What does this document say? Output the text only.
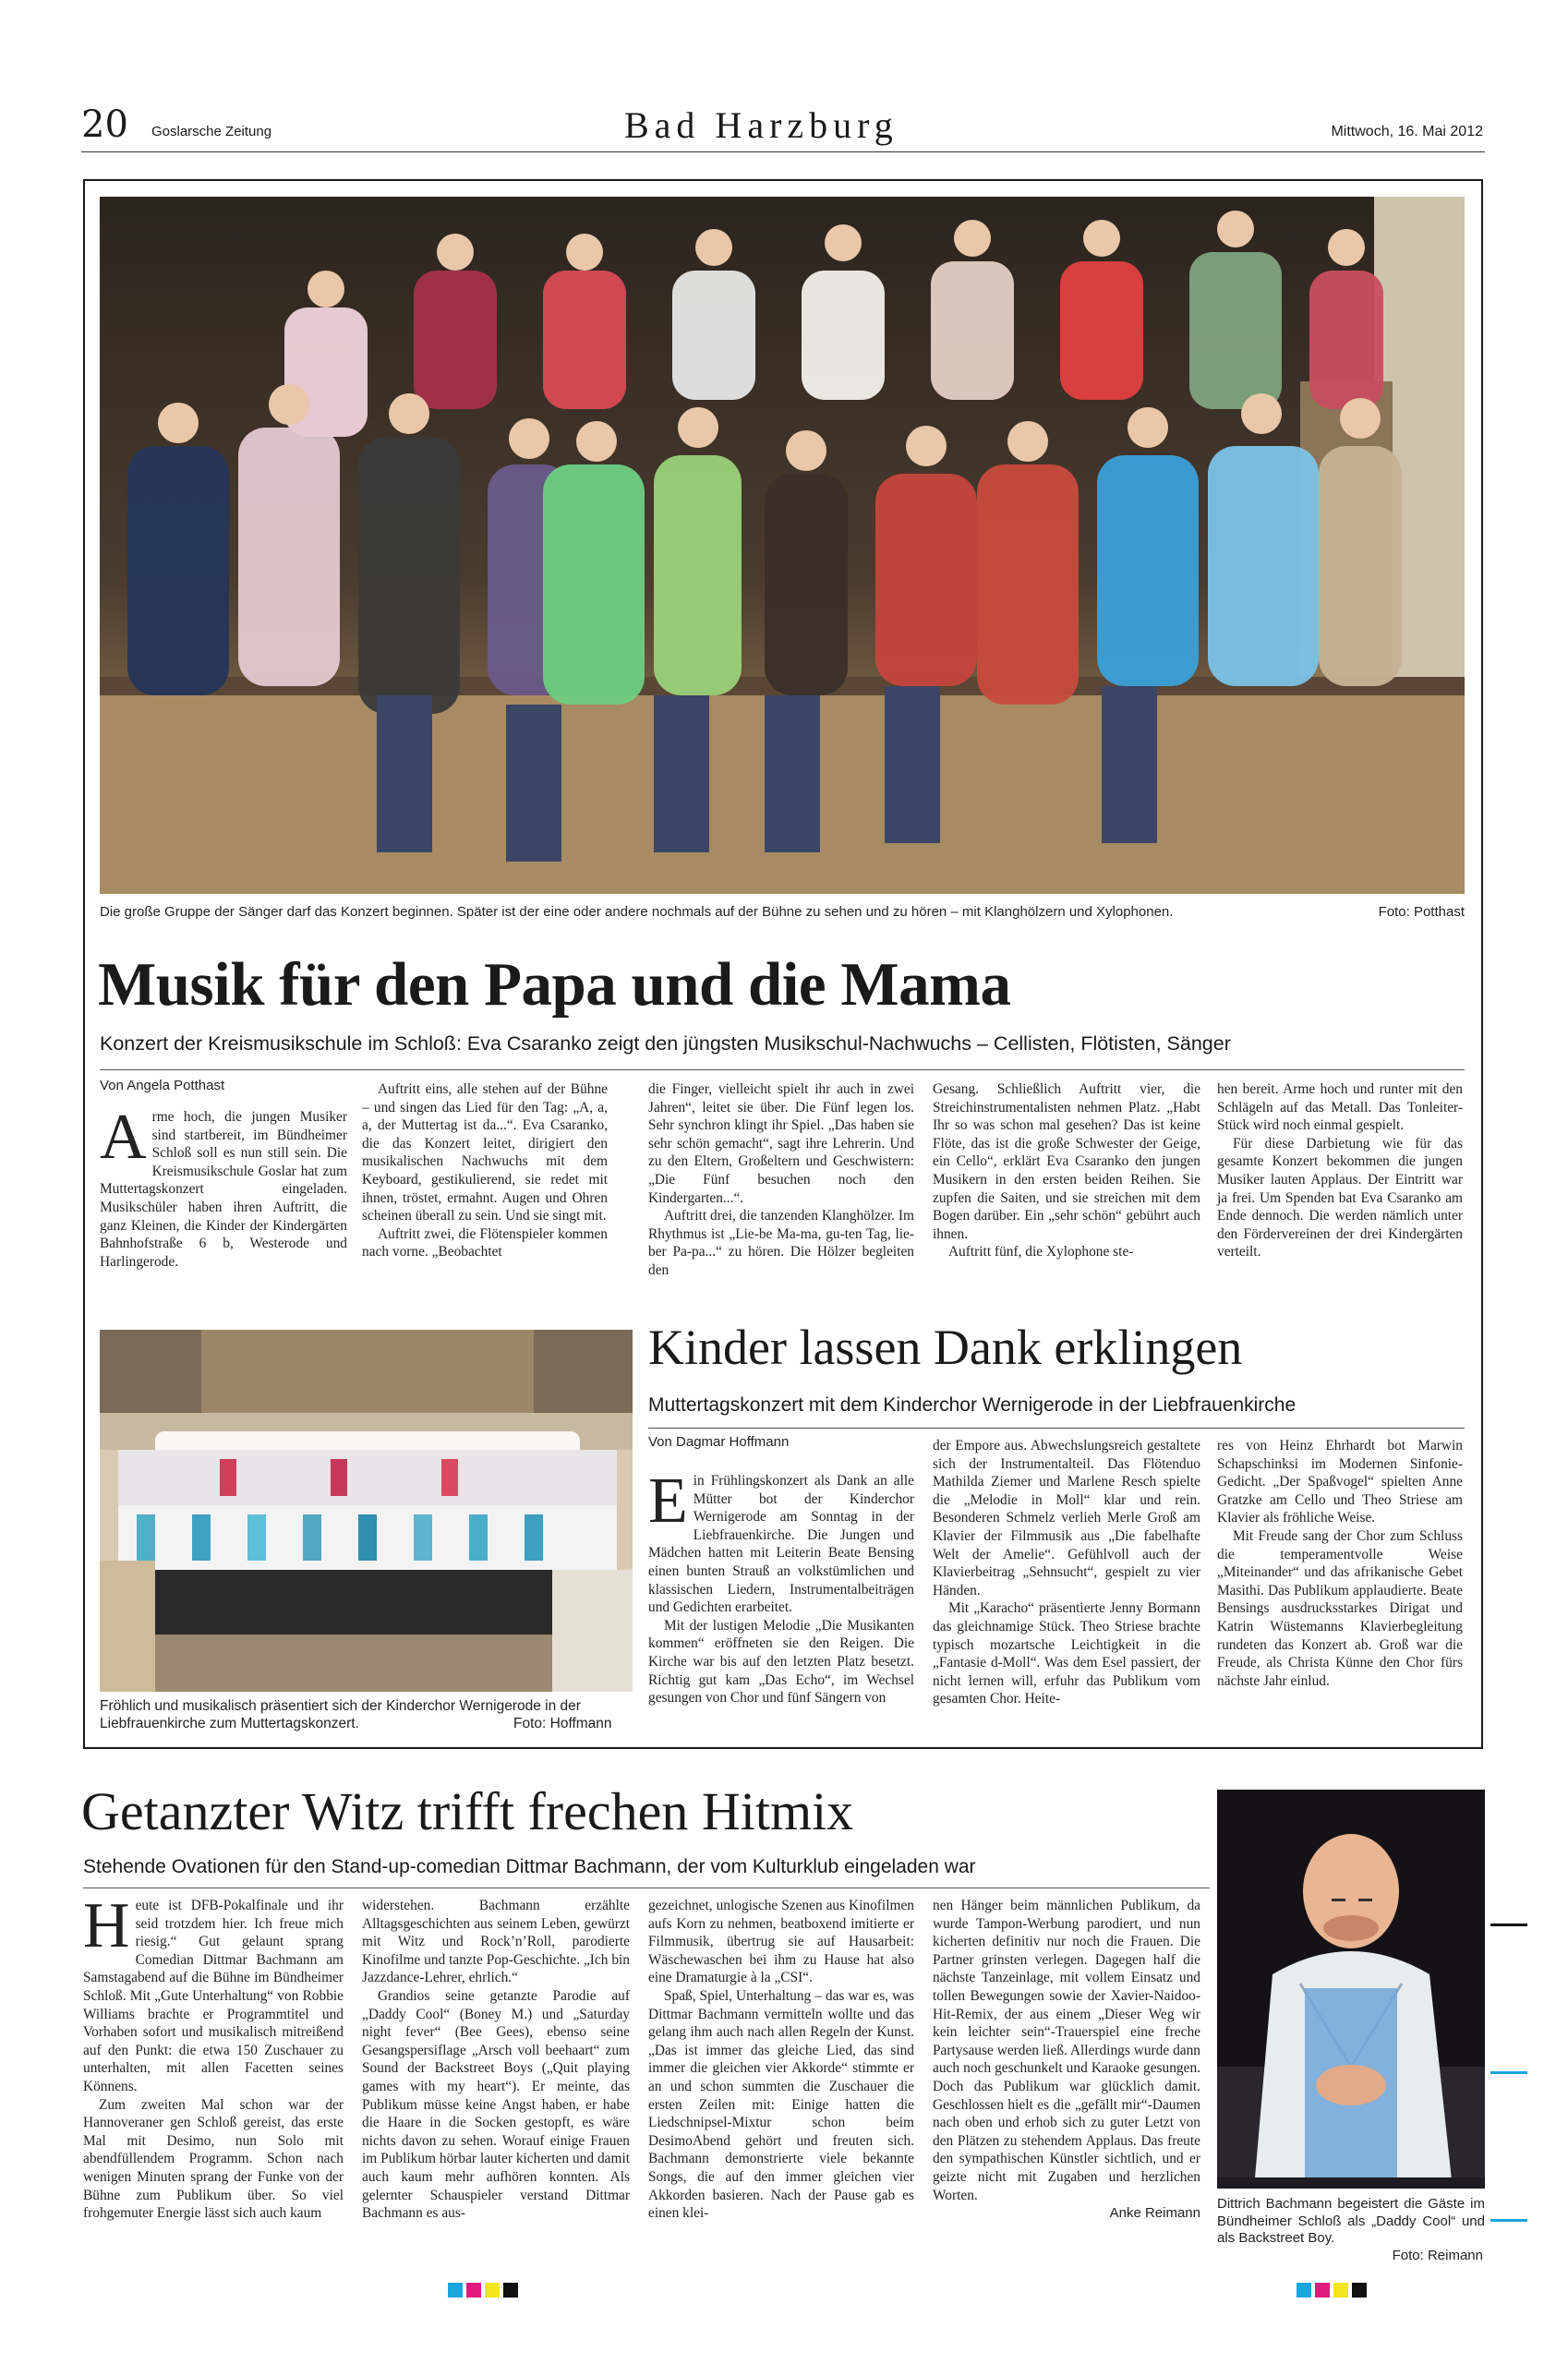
20 Goslarsche Zeitung	Bad Harzburg	Mittwoch, 16. Mai 2012
Die große Gruppe der Sänger darf das Konzert beginnen. Später ist der eine oder andere nochmals auf der Bühne zu sehen und zu hören – mit Klanghölzern und Xylophonen.	Foto: Potthast
Musik für den Papa und die Mama
Konzert der Kreismusikschule im Schloß: Eva Csaranko zeigt den jüngsten Musikschul-Nachwuchs – Cellisten, Flötisten, Sänger
Von Angela Potthast
A rme hoch, die jungen Musiker sind startbereit, im Bündheimer Schloß soll es nun still sein. Die Kreismusikschule Goslar hat zum Muttertagskonzert eingeladen. Musikschüler haben ihren Auftritt, die ganz Kleinen, die Kinder der Kindergärten Bahnhofstraße 6 b, Westerode und Harlingerode.

Auftritt eins, alle stehen auf der Bühne – und singen das Lied für den Tag: „A, a, a, der Muttertag ist da...“. Eva Csaranko, die das Konzert leitet, dirigiert den musikalischen Nachwuchs mit dem Keyboard, gestikulierend, sie redet mit ihnen, tröstet, ermahnt. Augen und Ohren scheinen überall zu sein. Und sie singt mit.

Auftritt zwei, die Flötenspieler kommen nach vorne. „Beobachtet

die Finger, vielleicht spielt ihr auch in zwei Jahren“, leitet sie über. Die Fünf legen los. Sehr synchron klingt ihr Spiel. „Das haben sie sehr schön gemacht“, sagt ihre Lehrerin. Und zu den Eltern, Großeltern und Geschwistern: „Die Fünf besuchen noch den Kindergarten...“.

Auftritt drei, die tanzenden Klanghölzer. Im Rhythmus ist „Lie-be Ma-ma, gu-ten Tag, lie-ber Pa-pa...“ zu hören. Die Hölzer begleiten den

Gesang. Schließlich Auftritt vier, die Streichinstrumentalisten nehmen Platz. „Habt Ihr so was schon mal gesehen? Das ist keine Flöte, das ist die große Schwester der Geige, ein Cello“, erklärt Eva Csaranko den jungen Musikern in den ersten beiden Reihen. Sie zupfen die Saiten, und sie streichen mit dem Bogen darüber. Ein „sehr schön“ gebührt auch ihnen.

Auftritt fünf, die Xylophone ste-

hen bereit. Arme hoch und runter mit den Schlägeln auf das Metall. Das Tonleiter-Stück wird noch einmal gespielt.

Für diese Darbietung wie für das gesamte Konzert bekommen die jungen Musiker lauten Applaus. Der Eintritt war ja frei. Um Spenden bat Eva Csaranko am Ende dennoch. Die werden nämlich unter den Fördervereinen der drei Kindergärten verteilt.

Fröhlich und musikalisch präsentiert sich der Kinderchor Wernigerode in der Liebfrauenkirche zum Muttertagskonzert.	Foto: Hoffmann
Kinder lassen Dank erklingen
Muttertagskonzert mit dem Kinderchor Wernigerode in der Liebfrauenkirche
Von Dagmar Hoffmann
E in Frühlingskonzert als Dank an alle Mütter bot der Kinderchor Wernigerode am Sonntag in der Liebfrauenkirche. Die Jungen und Mädchen hatten mit Leiterin Beate Bensing einen bunten Strauß an volkstümlichen und klassischen Liedern, Instrumentalbeiträgen und Gedichten erarbeitet.

Mit der lustigen Melodie „Die Musikanten kommen“ eröffneten sie den Reigen. Die Kirche war bis auf den letzten Platz besetzt. Richtig gut kam „Das Echo“, im Wechsel gesungen von Chor und fünf Sängern von

der Empore aus. Abwechslungsreich gestaltete sich der Instrumentalteil. Das Flötenduo Mathilda Ziemer und Marlene Resch spielte die „Melodie in Moll“ klar und rein. Besonderen Schmelz verlieh Merle Groß am Klavier der Filmmusik aus „Die fabelhafte Welt der Amelie“. Gefühlvoll auch der Klavierbeitrag „Sehnsucht“, gespielt zu vier Händen.

Mit „Karacho“ präsentierte Jenny Bormann das gleichnamige Stück. Theo Striese brachte typisch mozartsche Leichtigkeit in die „Fantasie d-Moll“. Was dem Esel passiert, der nicht lernen will, erfuhr das Publikum vom gesamten Chor. Heite-

res von Heinz Ehrhardt bot Marwin Schapschinksi im Modernen Sinfonie-Gedicht. „Der Spaßvogel“ spielten Anne Gratzke am Cello und Theo Striese am Klavier als fröhliche Weise.

Mit Freude sang der Chor zum Schluss die temperamentvolle Weise „Miteinander“ und das afrikanische Gebet Masithi. Das Publikum applaudierte. Beate Bensings ausdrucksstarkes Dirigat und Katrin Wüstemanns Klavierbegleitung rundeten das Konzert ab. Groß war die Freude, als Christa Künne den Chor fürs nächste Jahr einlud.

Getanzter Witz trifft frechen Hitmix
Stehende Ovationen für den Stand-up-comedian Dittmar Bachmann, der vom Kulturklub eingeladen war
H eute ist DFB-Pokalfinale und ihr seid trotzdem hier. Ich freue mich riesig.“ Gut gelaunt sprang Comedian Dittmar Bachmann am Samstagabend auf die Bühne im Bündheimer Schloß. Mit „Gute Unterhaltung“ von Robbie Williams brachte er Programmtitel und Vorhaben sofort und musikalisch mitreißend auf den Punkt: die etwa 150 Zuschauer zu unterhalten, mit allen Facetten seines Könnens.

Zum zweiten Mal schon war der Hannoveraner gen Schloß gereist, das erste Mal mit Desimo, nun Solo mit abendfüllendem Programm. Schon nach wenigen Minuten sprang der Funke von der Bühne zum Publikum über. So viel frohgemuter Energie lässt sich auch kaum

widerstehen. Bachmann erzählte Alltagsgeschichten aus seinem Leben, gewürzt mit Witz und Rock’n’Roll, parodierte Kinofilme und tanzte Pop-Geschichte. „Ich bin Jazzdance-Lehrer, ehrlich.“

Grandios seine getanzte Parodie auf „Daddy Cool“ (Boney M.) und „Saturday night fever“ (Bee Gees), ebenso seine Gesangspersiflage „Arsch voll beehaart“ zum Sound der Backstreet Boys („Quit playing games with my heart“). Er meinte, das Publikum müsse keine Angst haben, er habe die Haare in die Socken gestopft, es wäre nichts davon zu sehen. Worauf einige Frauen im Publikum hörbar lauter kicherten und damit auch kaum mehr aufhören konnten. Als gelernter Schauspieler verstand Dittmar Bachmann es aus-

gezeichnet, unlogische Szenen aus Kinofilmen aufs Korn zu nehmen, beatboxend imitierte er Filmmusik, übertrug sie auf Hausarbeit: Wäschewaschen bei ihm zu Hause hat also eine Dramaturgie à la „CSI“.

Spaß, Spiel, Unterhaltung – das war es, was Dittmar Bachmann vermitteln wollte und das gelang ihm auch nach allen Regeln der Kunst. „Das ist immer das gleiche Lied, das sind immer die gleichen vier Akkorde“ stimmte er an und schon summten die Zuschauer die ersten Zeilen mit: Einige hatten die Liedschnipsel-Mixtur schon beim DesimoAbend gehört und freuten sich. Bachmann demonstrierte viele bekannte Songs, die auf den immer gleichen vier Akkorden basieren. Nach der Pause gab es einen klei-

nen Hänger beim männlichen Publikum, da wurde Tampon-Werbung parodiert, und nun kicherten definitiv nur noch die Frauen. Die Partner grinsten verlegen. Dagegen half die nächste Tanzeinlage, mit vollem Einsatz und tollen Bewegungen sowie der Xavier-Naidoo-Hit-Remix, der aus einem „Dieser Weg wir kein leichter sein“-Trauerspiel eine freche Partysause werden ließ. Allerdings wurde dann auch noch geschunkelt und Karaoke gesungen. Doch das Publikum war glücklich damit. Geschlossen hielt es die „gefällt mir“-Daumen nach oben und erhob sich zu guter Letzt von den Plätzen zu stehendem Applaus. Das freute den sympathischen Künstler sichtlich, und er geizte nicht mit Zugaben und herzlichen Worten.

Anke Reimann
Dittrich Bachmann begeistert die Gäste im Bündheimer Schloß als „Daddy Cool“ und als Backstreet Boy.
Foto: Reimann
